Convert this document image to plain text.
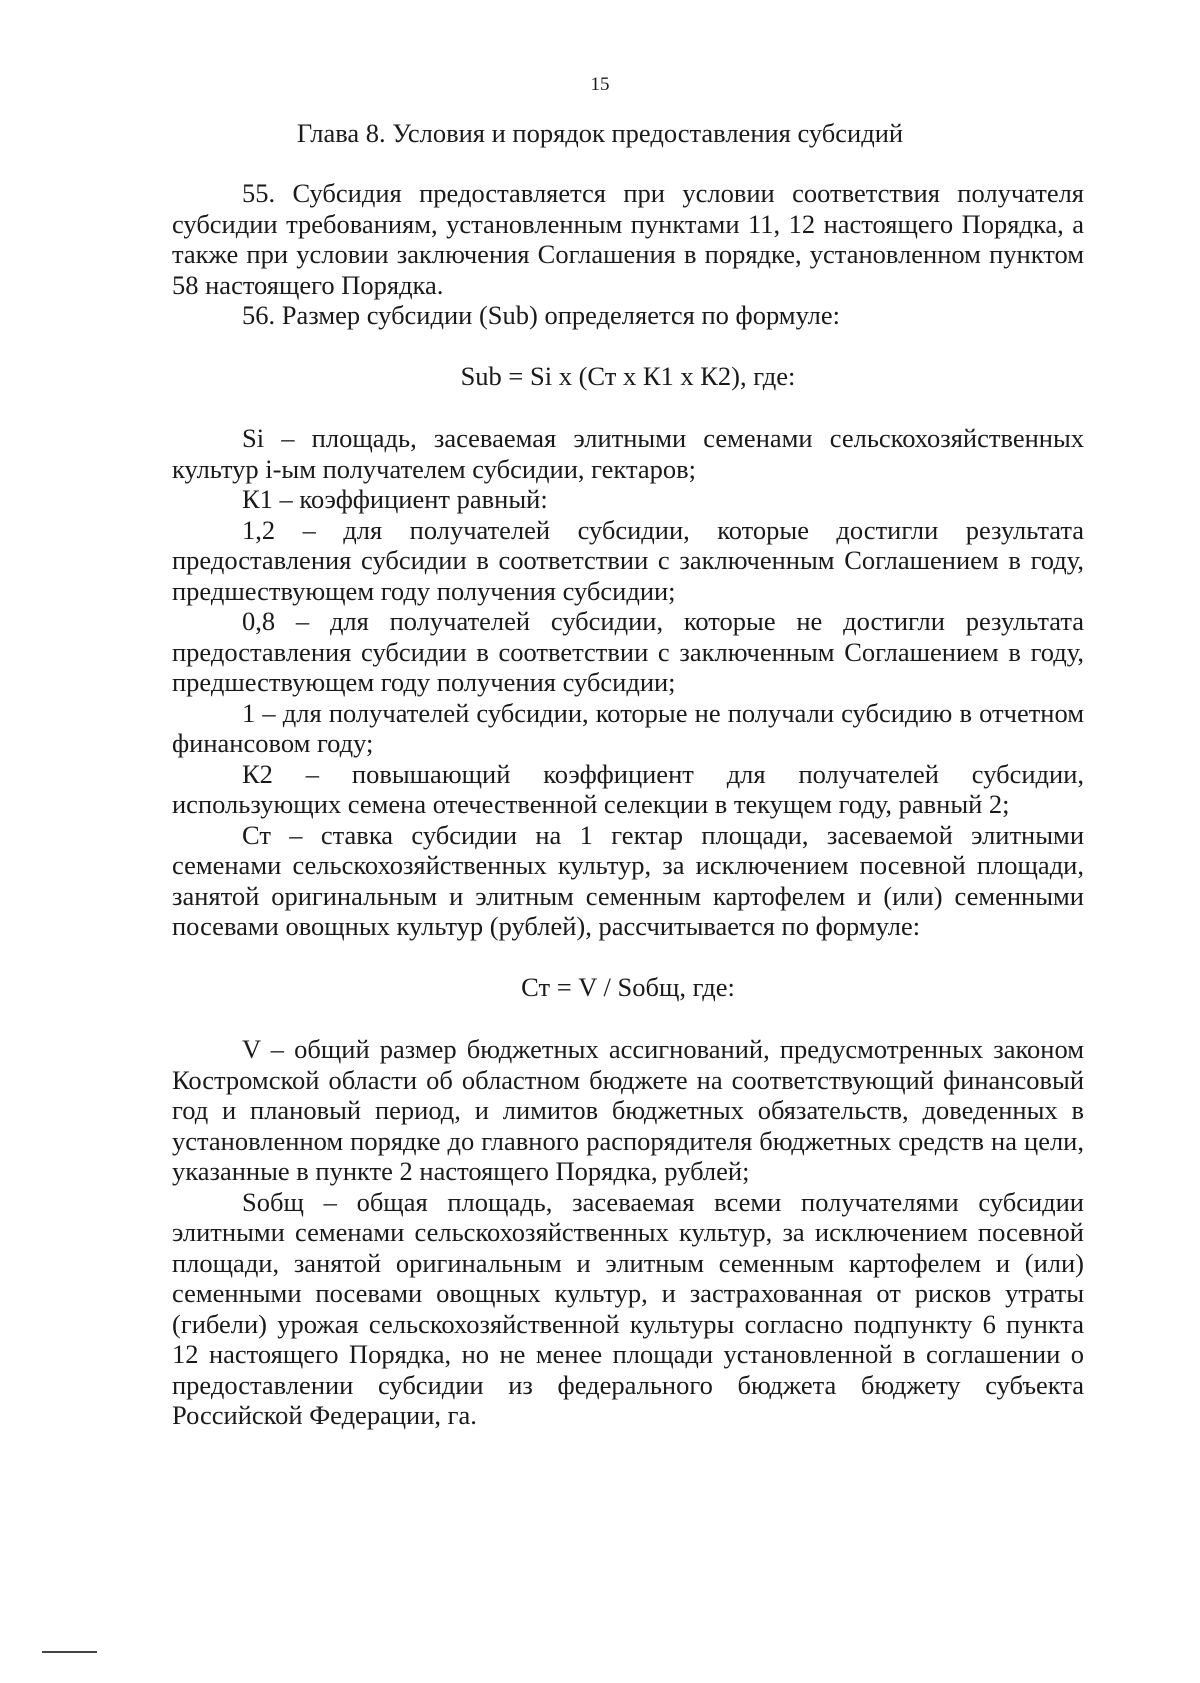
15
Глава 8. Условия и порядок предоставления субсидий

55. Субсидия предоставляется при условии соответствия получателя субсидии требованиям, установленным пунктами 11, 12 настоящего Порядка, а также при условии заключения Соглашения в порядке, установленном пунктом 58 настоящего Порядка.

56. Размер субсидии (Sub) определяется по формуле:

Sub = Si х (Ст х К1 х К2), где:

Si – площадь, засеваемая элитными семенами сельскохозяйственных культур i-ым получателем субсидии, гектаров;

К1 – коэффициент равный:

1,2 – для получателей субсидии, которые достигли результата предоставления субсидии в соответствии с заключенным Соглашением в году, предшествующем году получения субсидии;

0,8 – для получателей субсидии, которые не достигли результата предоставления субсидии в соответствии с заключенным Соглашением в году, предшествующем году получения субсидии;

1 – для получателей субсидии, которые не получали субсидию в отчетном финансовом году;

К2 – повышающий коэффициент для получателей субсидии, использующих семена отечественной селекции в текущем году, равный 2;

Ст – ставка субсидии на 1 гектар площади, засеваемой элитными семенами сельскохозяйственных культур, за исключением посевной площади, занятой оригинальным и элитным семенным картофелем и (или) семенными посевами овощных культур (рублей), рассчитывается по формуле:

Ст = V / Sобщ, где:

V – общий размер бюджетных ассигнований, предусмотренных законом Костромской области об областном бюджете на соответствующий финансовый год и плановый период, и лимитов бюджетных обязательств, доведенных в установленном порядке до главного распорядителя бюджетных средств на цели, указанные в пункте 2 настоящего Порядка, рублей;

Sобщ – общая площадь, засеваемая всеми получателями субсидии элитными семенами сельскохозяйственных культур, за исключением посевной площади, занятой оригинальным и элитным семенным картофелем и (или) семенными посевами овощных культур, и застрахованная от рисков утраты (гибели) урожая сельскохозяйственной культуры согласно подпункту 6 пункта 12 настоящего Порядка, но не менее площади установленной в соглашении о предоставлении субсидии из федерального бюджета бюджету субъекта Российской Федерации, га.
